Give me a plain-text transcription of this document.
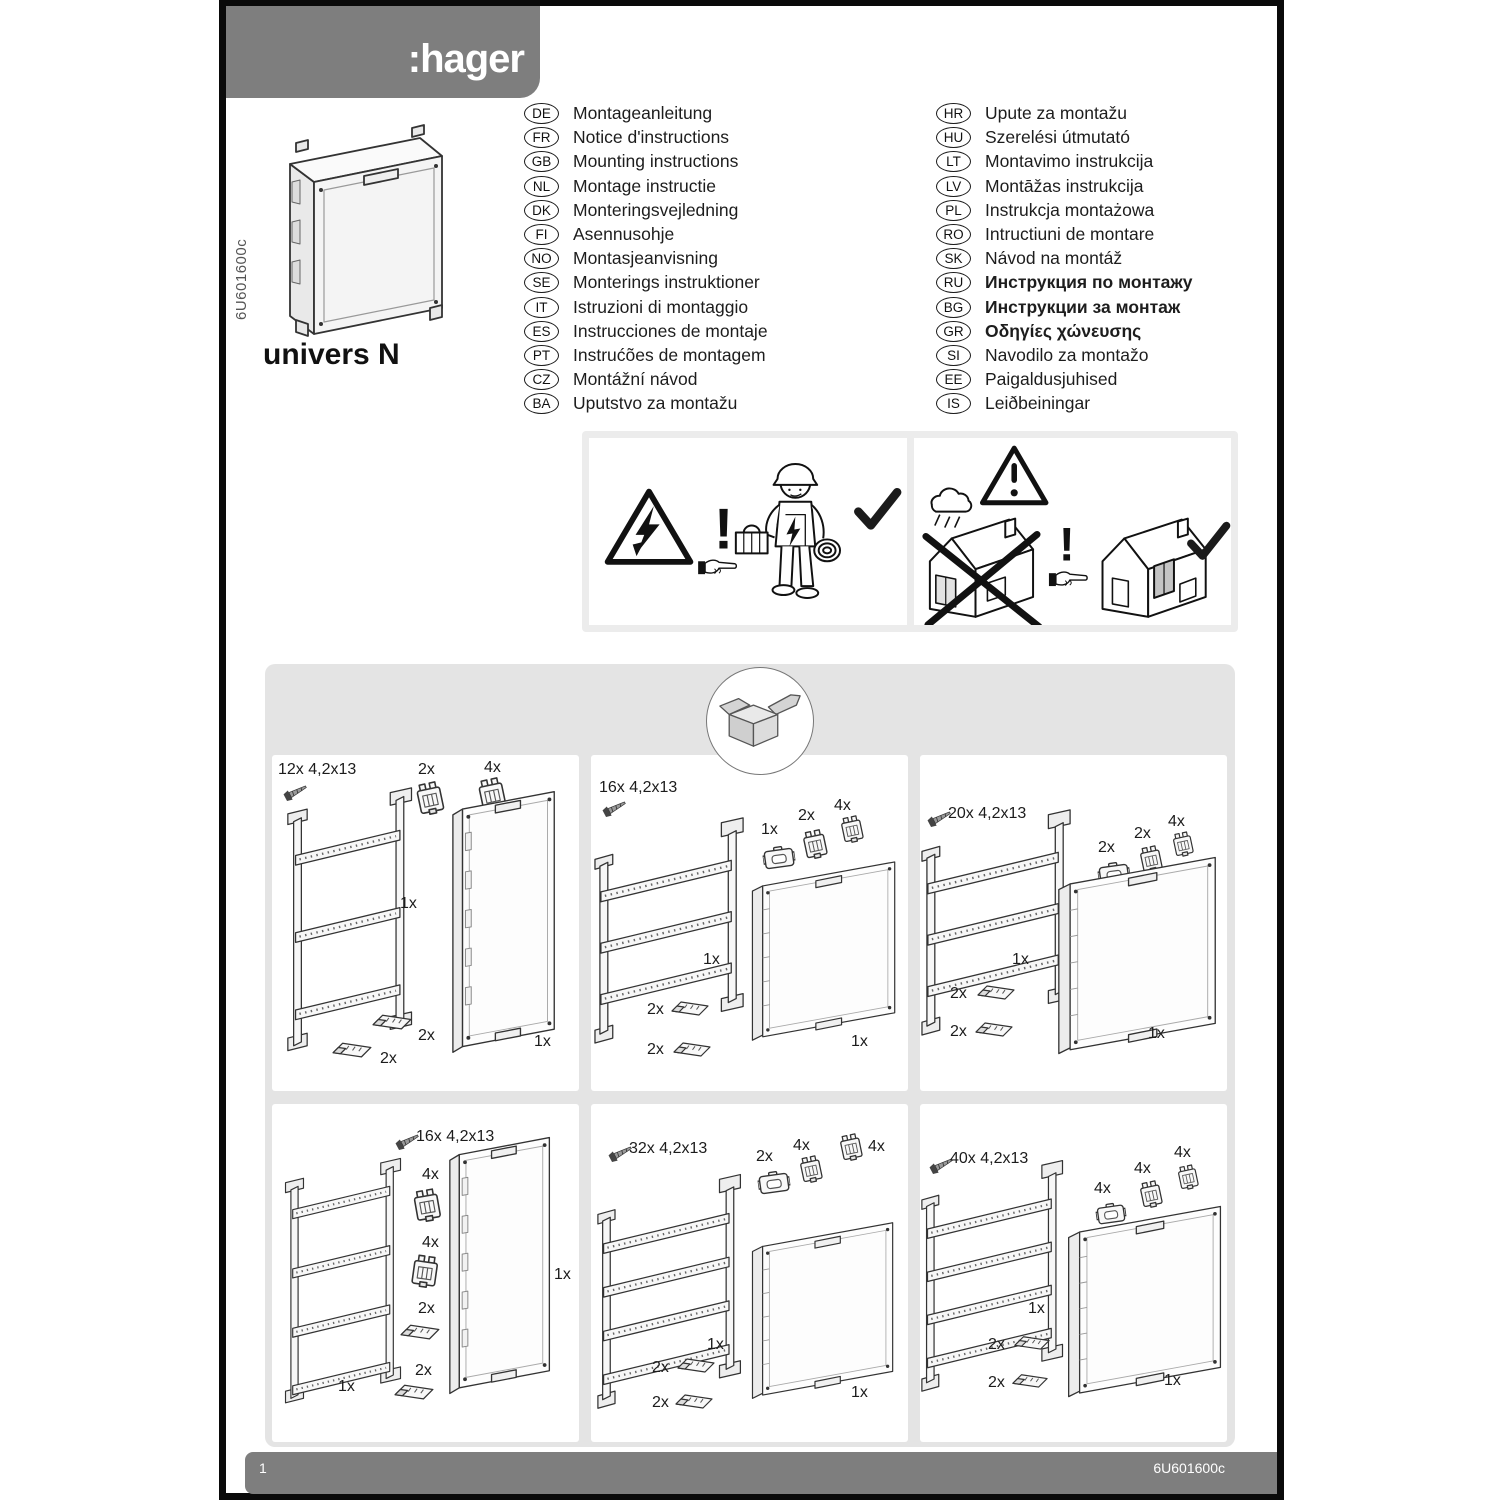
:hager
6U601600c
univers N
DE	Montageanleitung
FR	Notice d'instructions
GB	Mounting instructions
NL	Montage instructie
DK	Monteringsvejledning
FI	Asennusohje
NO	Montasjeanvisning
SE	Monterings instruktioner
IT	Istruzioni di montaggio
ES	Instrucciones de montaje
PT	Instrućões de montagem
CZ	Montážní návod
BA	Uputstvo za montažu
HR	Upute za montažu
HU	Szerelési útmutató
LT	Montavimo instrukcija
LV	Montāžas instrukcija
PL	Instrukcja montażowa
RO	Intructiuni de montare
SK	Návod na montáž
RU	Инструкция по монтажу
BG	Инструкции за монтаж
GR	Οδηγίες χώνευσης
SI	Navodilo za montažo
EE	Paigaldusjuhised
IS	Leiðbeiningar
!	!
12x 4,2x13	2x	4x
1x
2x
2x
1x
16x 4,2x13
1x
2x
4x
1x
2x
2x	1x
20x 4,2x13
2x
2x
4x
1x
2x
2x	1x
16x 4,2x13
4x
4x
2x
2x
1x
1x
32x 4,2x13	2x
4x	4x
1x
2x
2x
1x
40x 4,2x13
4x
4x
4x
1x
2x
2x	1x
1	6U601600c
